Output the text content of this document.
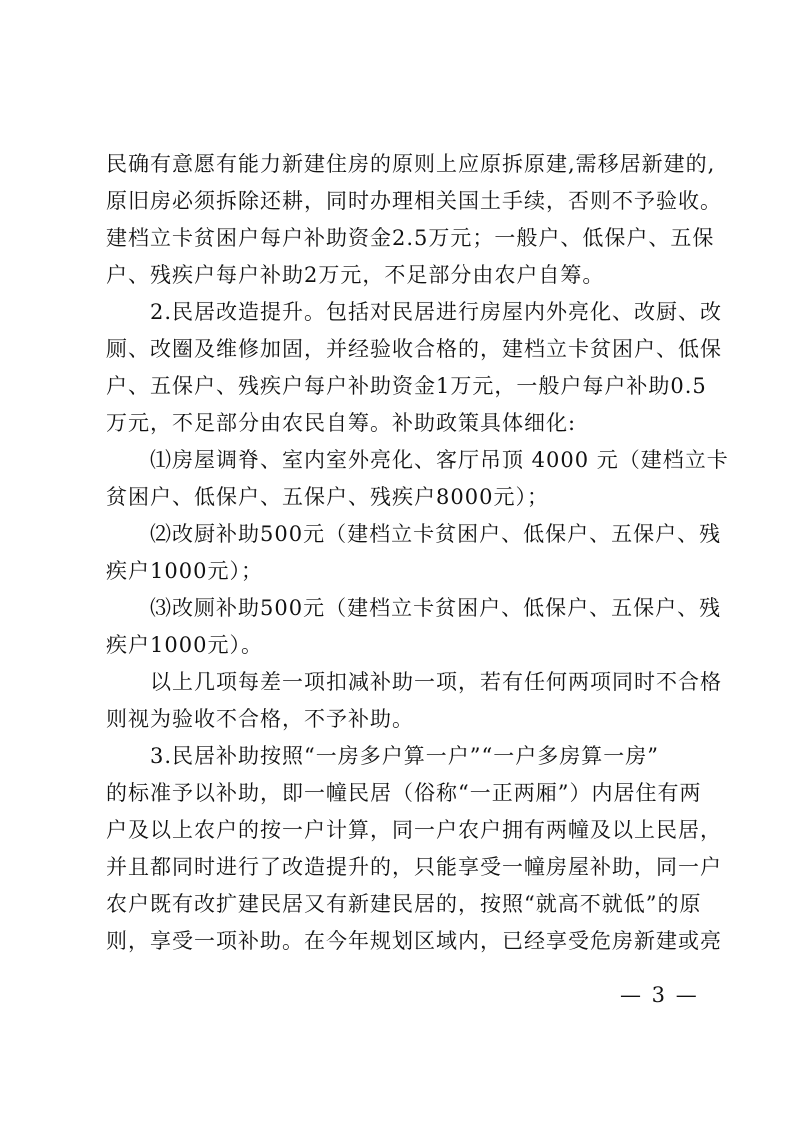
民确有意愿有能力新建住房的原则上应原拆原建,需移居新建的,
原旧房必须拆除还耕，同时办理相关国土手续，否则不予验收。
建档立卡贫困户每户补助资金2.5万元；一般户、低保户、五保
户、残疾户每户补助2万元，不足部分由农户自筹。
　　2.民居改造提升。包括对民居进行房屋内外亮化、改厨、改
厕、改圈及维修加固，并经验收合格的，建档立卡贫困户、低保
户、五保户、残疾户每户补助资金1万元，一般户每户补助0.5
万元，不足部分由农民自筹。补助政策具体细化:
　　⑴房屋调脊、室内室外亮化、客厅吊顶 4000 元（建档立卡
贫困户、低保户、五保户、残疾户8000元）；
　　⑵改厨补助500元（建档立卡贫困户、低保户、五保户、残
疾户1000元）；
　　⑶改厕补助500元（建档立卡贫困户、低保户、五保户、残
疾户1000元）。
　　以上几项每差一项扣减补助一项，若有任何两项同时不合格
则视为验收不合格，不予补助。
　　3.民居补助按照“一房多户算一户”“一户多房算一房”
的标准予以补助，即一幢民居（俗称“一正两厢”）内居住有两
户及以上农户的按一户计算，同一户农户拥有两幢及以上民居，
并且都同时进行了改造提升的，只能享受一幢房屋补助，同一户
农户既有改扩建民居又有新建民居的，按照“就高不就低”的原
则，享受一项补助。在今年规划区域内，已经享受危房新建或亮
— 3 —
